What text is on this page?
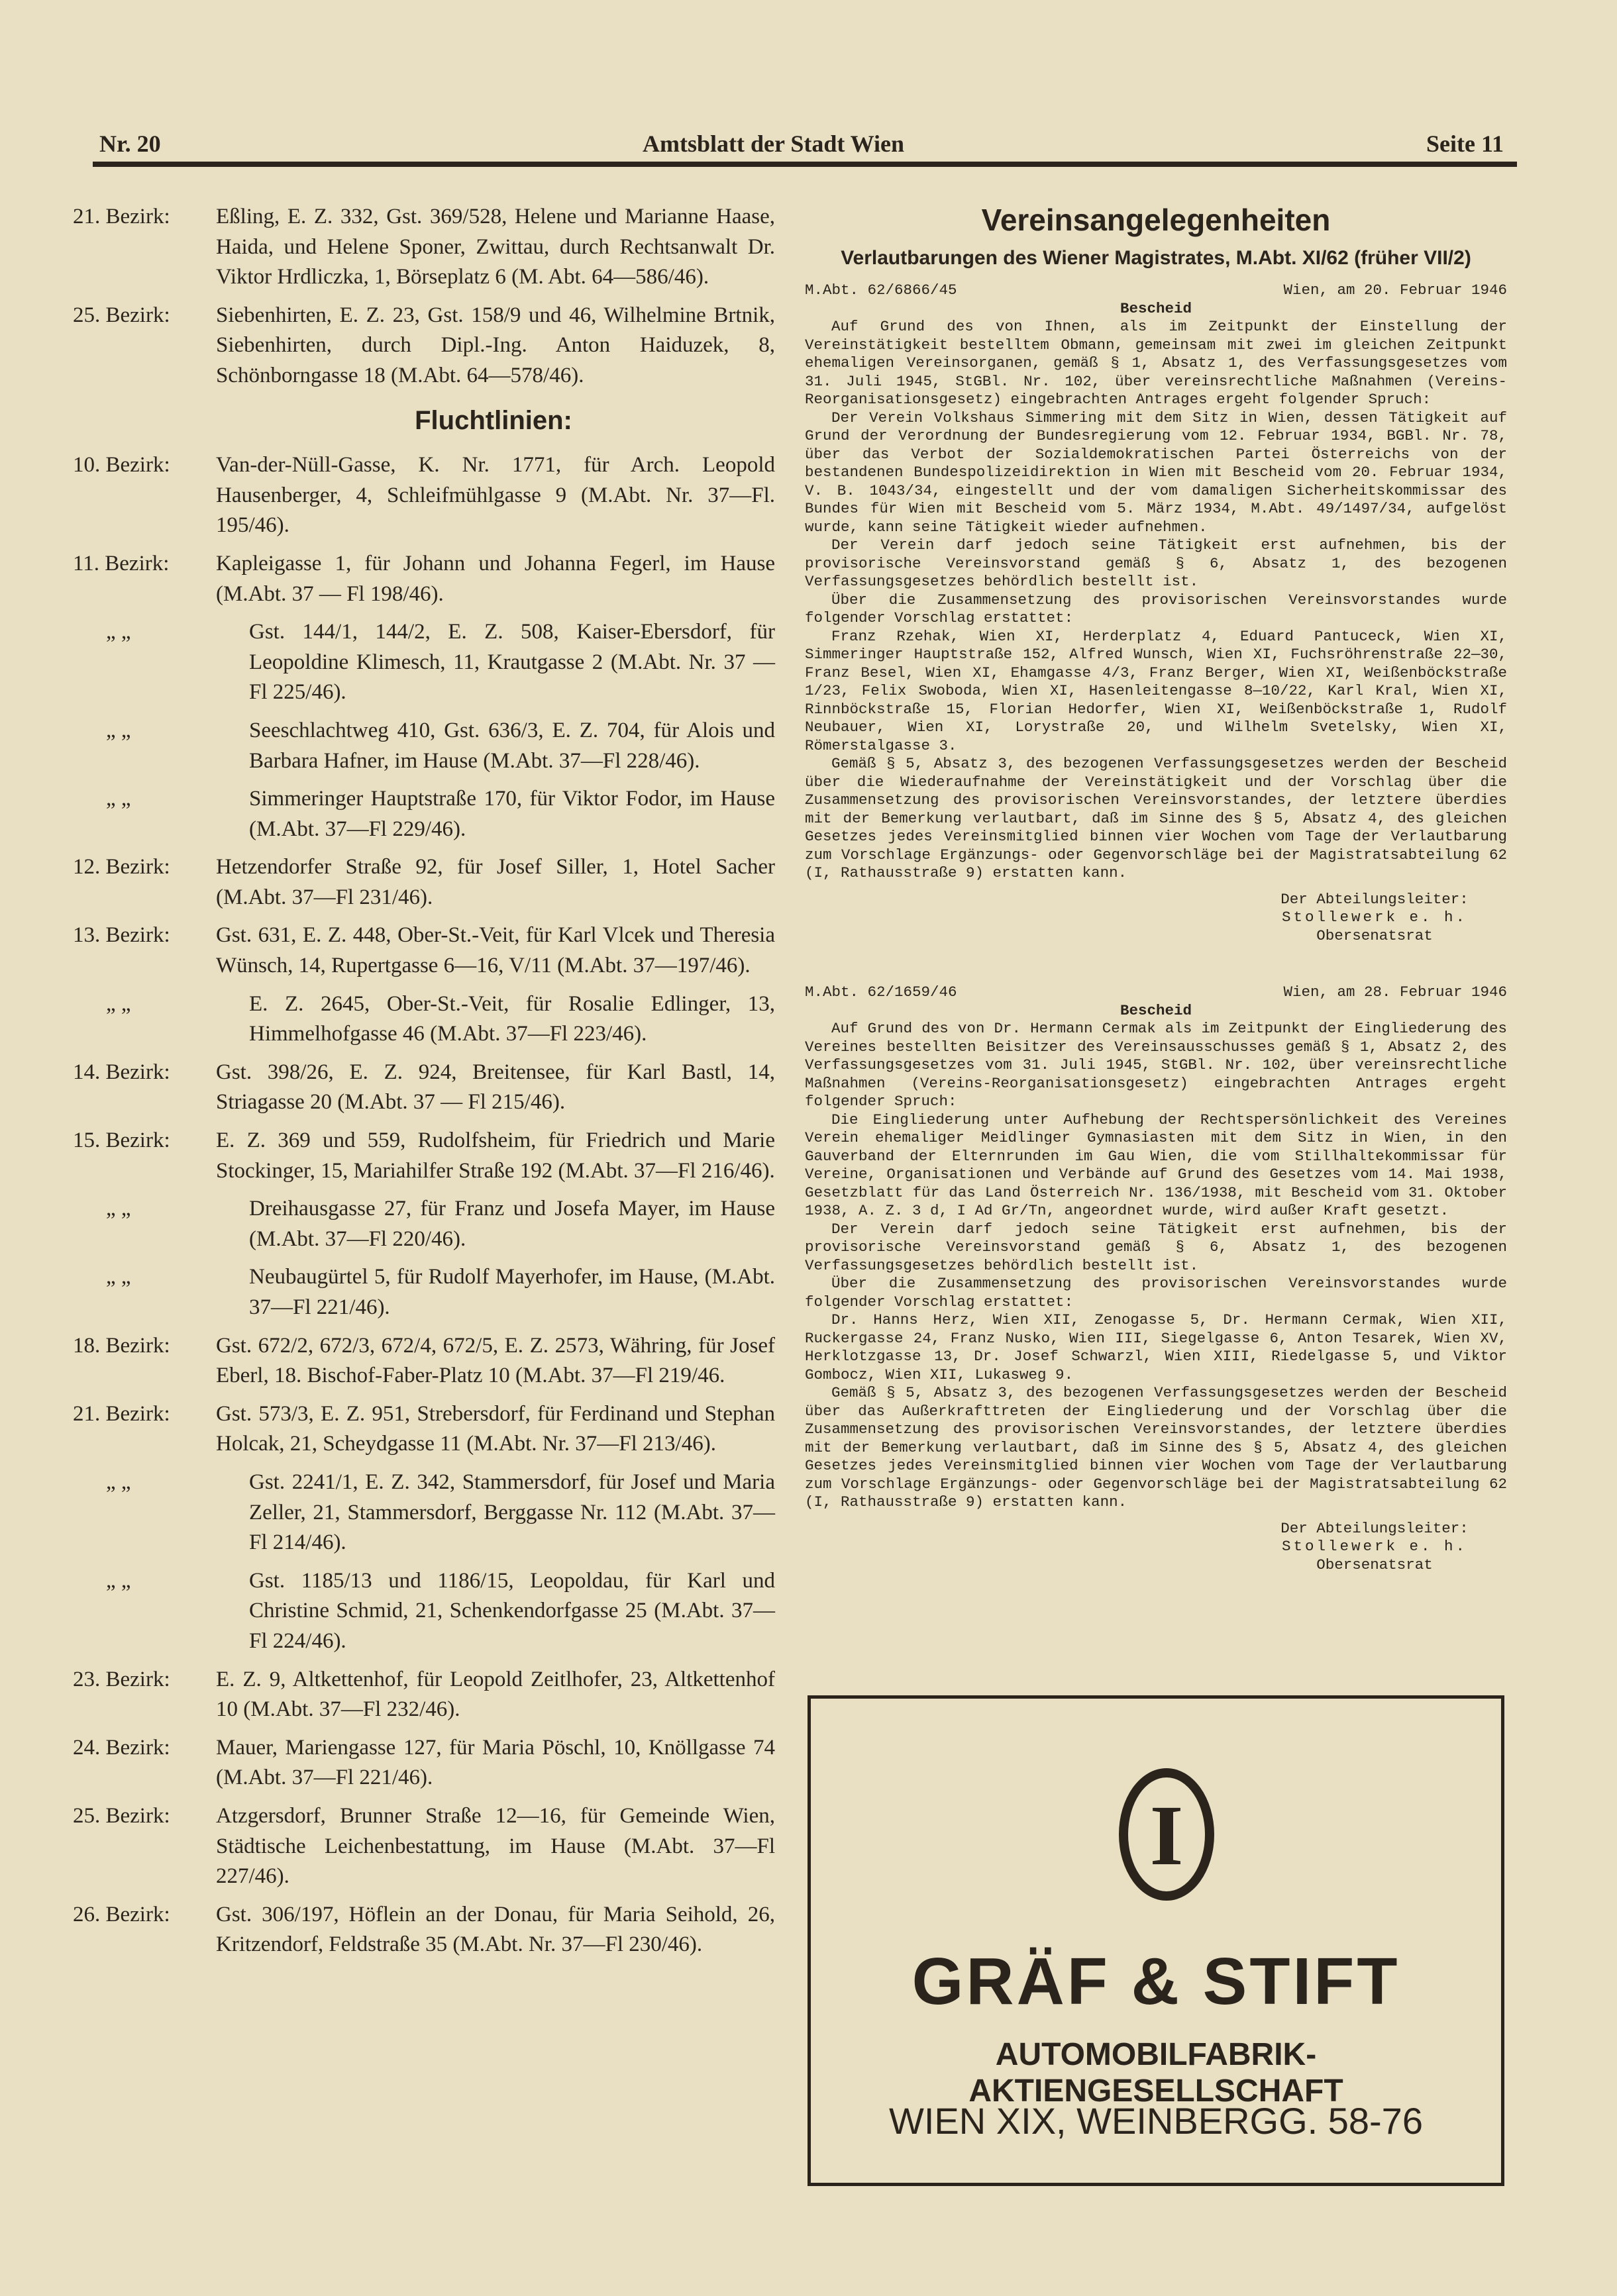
Nr. 20	Amtsblatt der Stadt Wien	Seite 11
21. Bezirk:	Eßling, E. Z. 332, Gst. 369/528, Helene und Marianne Haase, Haida, und Helene Sponer, Zwittau, durch Rechtsanwalt Dr. Viktor Hrdliczka, 1, Börseplatz 6 (M. Abt. 64—586/46).
25. Bezirk:	Siebenhirten, E. Z. 23, Gst. 158/9 und 46, Wilhelmine Brtnik, Siebenhirten, durch Dipl.-Ing. Anton Haiduzek, 8, Schönborngasse 18 (M.Abt. 64—578/46).
Fluchtlinien:
10. Bezirk:	Van-der-Nüll-Gasse, K. Nr. 1771, für Arch. Leopold Hausenberger, 4, Schleifmühlgasse 9 (M.Abt. Nr. 37—Fl. 195/46).
11. Bezirk:	Kapleigasse 1, für Johann und Johanna Fegerl, im Hause (M.Abt. 37 — Fl 198/46).
„ „	Gst. 144/1, 144/2, E. Z. 508, Kaiser-Ebersdorf, für Leopoldine Klimesch, 11, Krautgasse 2 (M.Abt. Nr. 37 — Fl 225/46).
„ „	Seeschlachtweg 410, Gst. 636/3, E. Z. 704, für Alois und Barbara Hafner, im Hause (M.Abt. 37—Fl 228/46).
„ „	Simmeringer Hauptstraße 170, für Viktor Fodor, im Hause (M.Abt. 37—Fl 229/46).
12. Bezirk:	Hetzendorfer Straße 92, für Josef Siller, 1, Hotel Sacher (M.Abt. 37—Fl 231/46).
13. Bezirk:	Gst. 631, E. Z. 448, Ober-St.-Veit, für Karl Vlcek und Theresia Wünsch, 14, Rupertgasse 6—16, V/11 (M.Abt. 37—197/46).
„ „	E. Z. 2645, Ober-St.-Veit, für Rosalie Edlinger, 13, Himmelhofgasse 46 (M.Abt. 37—Fl 223/46).
14. Bezirk:	Gst. 398/26, E. Z. 924, Breitensee, für Karl Bastl, 14, Striagasse 20 (M.Abt. 37 — Fl 215/46).
15. Bezirk:	E. Z. 369 und 559, Rudolfsheim, für Friedrich und Marie Stockinger, 15, Mariahilfer Straße 192 (M.Abt. 37—Fl 216/46).
„ „	Dreihausgasse 27, für Franz und Josefa Mayer, im Hause (M.Abt. 37—Fl 220/46).
„ „	Neubaugürtel 5, für Rudolf Mayerhofer, im Hause, (M.Abt. 37—Fl 221/46).
18. Bezirk:	Gst. 672/2, 672/3, 672/4, 672/5, E. Z. 2573, Währing, für Josef Eberl, 18. Bischof-Faber-Platz 10 (M.Abt. 37—Fl 219/46.
21. Bezirk:	Gst. 573/3, E. Z. 951, Strebersdorf, für Ferdinand und Stephan Holcak, 21, Scheydgasse 11 (M.Abt. Nr. 37—Fl 213/46).
„ „	Gst. 2241/1, E. Z. 342, Stammersdorf, für Josef und Maria Zeller, 21, Stammersdorf, Berggasse Nr. 112 (M.Abt. 37—Fl 214/46).
„ „	Gst. 1185/13 und 1186/15, Leopoldau, für Karl und Christine Schmid, 21, Schenkendorfgasse 25 (M.Abt. 37—Fl 224/46).
23. Bezirk:	E. Z. 9, Altkettenhof, für Leopold Zeitlhofer, 23, Altkettenhof 10 (M.Abt. 37—Fl 232/46).
24. Bezirk:	Mauer, Mariengasse 127, für Maria Pöschl, 10, Knöllgasse 74 (M.Abt. 37—Fl 221/46).
25. Bezirk:	Atzgersdorf, Brunner Straße 12—16, für Gemeinde Wien, Städtische Leichenbestattung, im Hause (M.Abt. 37—Fl 227/46).
26. Bezirk:	Gst. 306/197, Höflein an der Donau, für Maria Seihold, 26, Kritzendorf, Feldstraße 35 (M.Abt. Nr. 37—Fl 230/46).
Vereinsangelegenheiten
Verlautbarungen des Wiener Magistrates, M.Abt. XI/62 (früher VII/2)
M.Abt. 62/6866/45	Wien, am 20. Februar 1946
Bescheid

Auf Grund des von Ihnen, als im Zeitpunkt der Einstellung der Vereinstätigkeit bestelltem Obmann, gemeinsam mit zwei im gleichen Zeitpunkt ehemaligen Vereinsorganen, gemäß § 1, Absatz 1, des Verfassungsgesetzes vom 31. Juli 1945, StGBl. Nr. 102, über vereinsrechtliche Maßnahmen (Vereins-Reorganisationsgesetz) eingebrachten Antrages ergeht folgender Spruch:

Der Verein Volkshaus Simmering mit dem Sitz in Wien, dessen Tätigkeit auf Grund der Verordnung der Bundesregierung vom 12. Februar 1934, BGBl. Nr. 78, über das Verbot der Sozialdemokratischen Partei Österreichs von der bestandenen Bundespolizeidirektion in Wien mit Bescheid vom 20. Februar 1934, V. B. 1043/34, eingestellt und der vom damaligen Sicherheitskommissar des Bundes für Wien mit Bescheid vom 5. März 1934, M.Abt. 49/1497/34, aufgelöst wurde, kann seine Tätigkeit wieder aufnehmen.

Der Verein darf jedoch seine Tätigkeit erst aufnehmen, bis der provisorische Vereinsvorstand gemäß § 6, Absatz 1, des bezogenen Verfassungsgesetzes behördlich bestellt ist.

Über die Zusammensetzung des provisorischen Vereinsvorstandes wurde folgender Vorschlag erstattet:

Franz Rzehak, Wien XI, Herderplatz 4, Eduard Pantuceck, Wien XI, Simmeringer Hauptstraße 152, Alfred Wunsch, Wien XI, Fuchsröhrenstraße 22—30, Franz Besel, Wien XI, Ehamgasse 4/3, Franz Berger, Wien XI, Weißenböckstraße 1/23, Felix Swoboda, Wien XI, Hasenleitengasse 8—10/22, Karl Kral, Wien XI, Rinnböckstraße 15, Florian Hedorfer, Wien XI, Weißenböckstraße 1, Rudolf Neubauer, Wien XI, Lorystraße 20, und Wilhelm Svetelsky, Wien XI, Römerstalgasse 3.

Gemäß § 5, Absatz 3, des bezogenen Verfassungsgesetzes werden der Bescheid über die Wiederaufnahme der Vereinstätigkeit und der Vorschlag über die Zusammensetzung des provisorischen Vereinsvorstandes, der letztere überdies mit der Bemerkung verlautbart, daß im Sinne des § 5, Absatz 4, des gleichen Gesetzes jedes Vereinsmitglied binnen vier Wochen vom Tage der Verlautbarung zum Vorschlage Ergänzungs- oder Gegenvorschläge bei der Magistratsabteilung 62 (I, Rathausstraße 9) erstatten kann.

Der Abteilungsleiter:
Stollewerk e. h.
Obersenatsrat
M.Abt. 62/1659/46	Wien, am 28. Februar 1946
Bescheid

Auf Grund des von Dr. Hermann Cermak als im Zeitpunkt der Eingliederung des Vereines bestellten Beisitzer des Vereinsausschusses gemäß § 1, Absatz 2, des Verfassungsgesetzes vom 31. Juli 1945, StGBl. Nr. 102, über vereinsrechtliche Maßnahmen (Vereins-Reorganisationsgesetz) eingebrachten Antrages ergeht folgender Spruch:

Die Eingliederung unter Aufhebung der Rechtspersönlichkeit des Vereines Verein ehemaliger Meidlinger Gymnasiasten mit dem Sitz in Wien, in den Gauverband der Elternrunden im Gau Wien, die vom Stillhaltekommissar für Vereine, Organisationen und Verbände auf Grund des Gesetzes vom 14. Mai 1938, Gesetzblatt für das Land Österreich Nr. 136/1938, mit Bescheid vom 31. Oktober 1938, A. Z. 3 d, I Ad Gr/Tn, angeordnet wurde, wird außer Kraft gesetzt.

Der Verein darf jedoch seine Tätigkeit erst aufnehmen, bis der provisorische Vereinsvorstand gemäß § 6, Absatz 1, des bezogenen Verfassungsgesetzes behördlich bestellt ist.

Über die Zusammensetzung des provisorischen Vereinsvorstandes wurde folgender Vorschlag erstattet:

Dr. Hanns Herz, Wien XII, Zenogasse 5, Dr. Hermann Cermak, Wien XII, Ruckergasse 24, Franz Nusko, Wien III, Siegelgasse 6, Anton Tesarek, Wien XV, Herklotzgasse 13, Dr. Josef Schwarzl, Wien XIII, Riedelgasse 5, und Viktor Gombocz, Wien XII, Lukasweg 9.

Gemäß § 5, Absatz 3, des bezogenen Verfassungsgesetzes werden der Bescheid über das Außerkrafttreten der Eingliederung und der Vorschlag über die Zusammensetzung des provisorischen Vereinsvorstandes, der letztere überdies mit der Bemerkung verlautbart, daß im Sinne des § 5, Absatz 4, des gleichen Gesetzes jedes Vereinsmitglied binnen vier Wochen vom Tage der Verlautbarung zum Vorschlage Ergänzungs- oder Gegenvorschläge bei der Magistratsabteilung 62 (I, Rathausstraße 9) erstatten kann.

Der Abteilungsleiter:
Stollewerk e. h.
Obersenatsrat
I
GRÄF & STIFT
AUTOMOBILFABRIK-AKTIENGESELLSCHAFT
WIEN XIX, WEINBERGG. 58-76
